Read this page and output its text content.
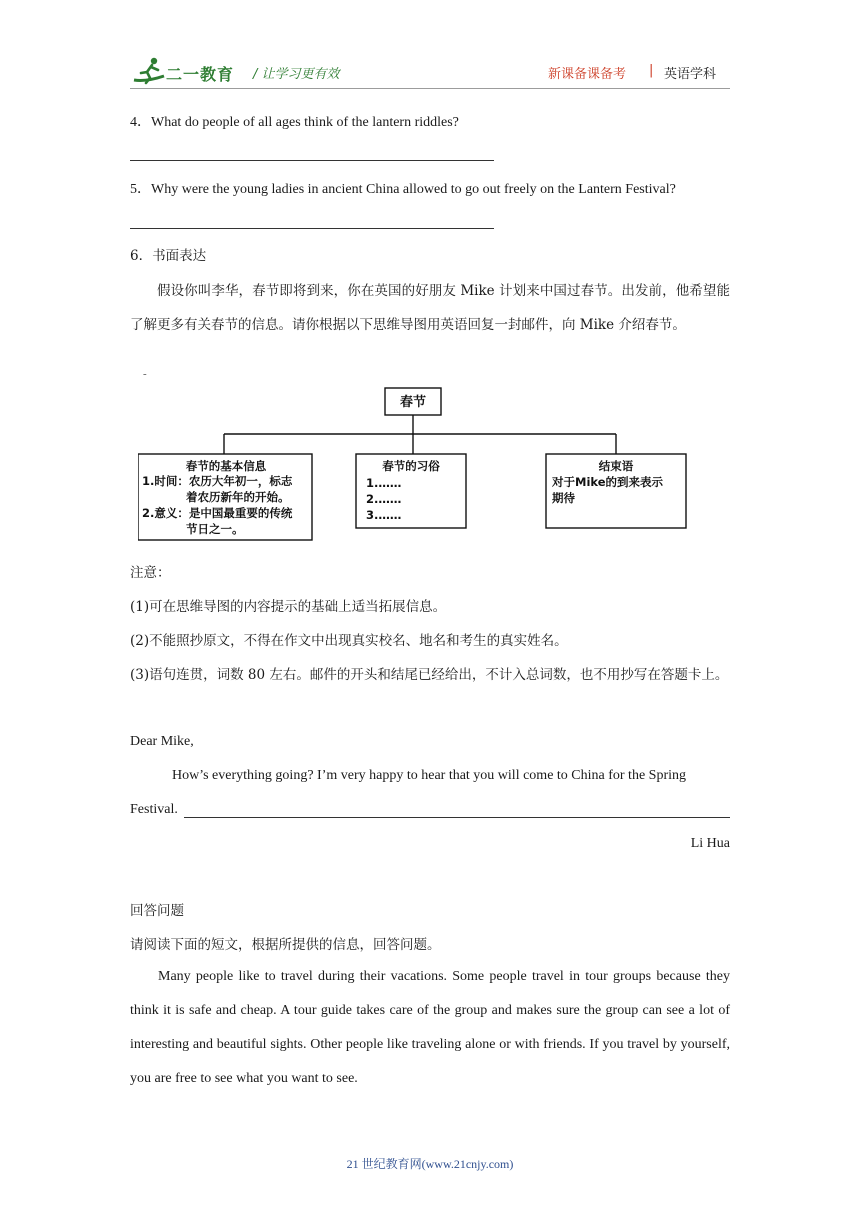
二一教育 / 让学习更有效	新课备课备考 | 英语学科
4．What do people of all ages think of the lantern riddles?
5．Why were the young ladies in ancient China allowed to go out freely on the Lantern Festival?
6．书面表达
假设你叫李华，春节即将到来，你在英国的好朋友 Mike 计划来中国过春节。出发前，他希望能了解更多有关春节的信息。请你根据以下思维导图用英语回复一封邮件，向 Mike 介绍春节。
-
春节
春节的基本信息
1.时间：农历大年初一，标志
着农历新年的开始。
2.意义：是中国最重要的传统
节日之一。
春节的习俗
1.……
2.……
3.……
结束语
对于Mike的到来表示
期待
注意：
(1)可在思维导图的内容提示的基础上适当拓展信息。
(2)不能照抄原文，不得在作文中出现真实校名、地名和考生的真实姓名。
(3)语句连贯，词数 80 左右。邮件的开头和结尾已经给出，不计入总词数，也不用抄写在答题卡上。
Dear Mike,
How’s everything going? I’m very happy to hear that you will come to China for the Spring
Festival.
Li Hua
回答问题
请阅读下面的短文，根据所提供的信息，回答问题。
Many people like to travel during their vacations. Some people travel in tour groups because they think it is safe and cheap. A tour guide takes care of the group and makes sure the group can see a lot of interesting and beautiful sights. Other people like traveling alone or with friends. If you travel by yourself, you are free to see what you want to see.
21 世纪教育网(www.21cnjy.com)
